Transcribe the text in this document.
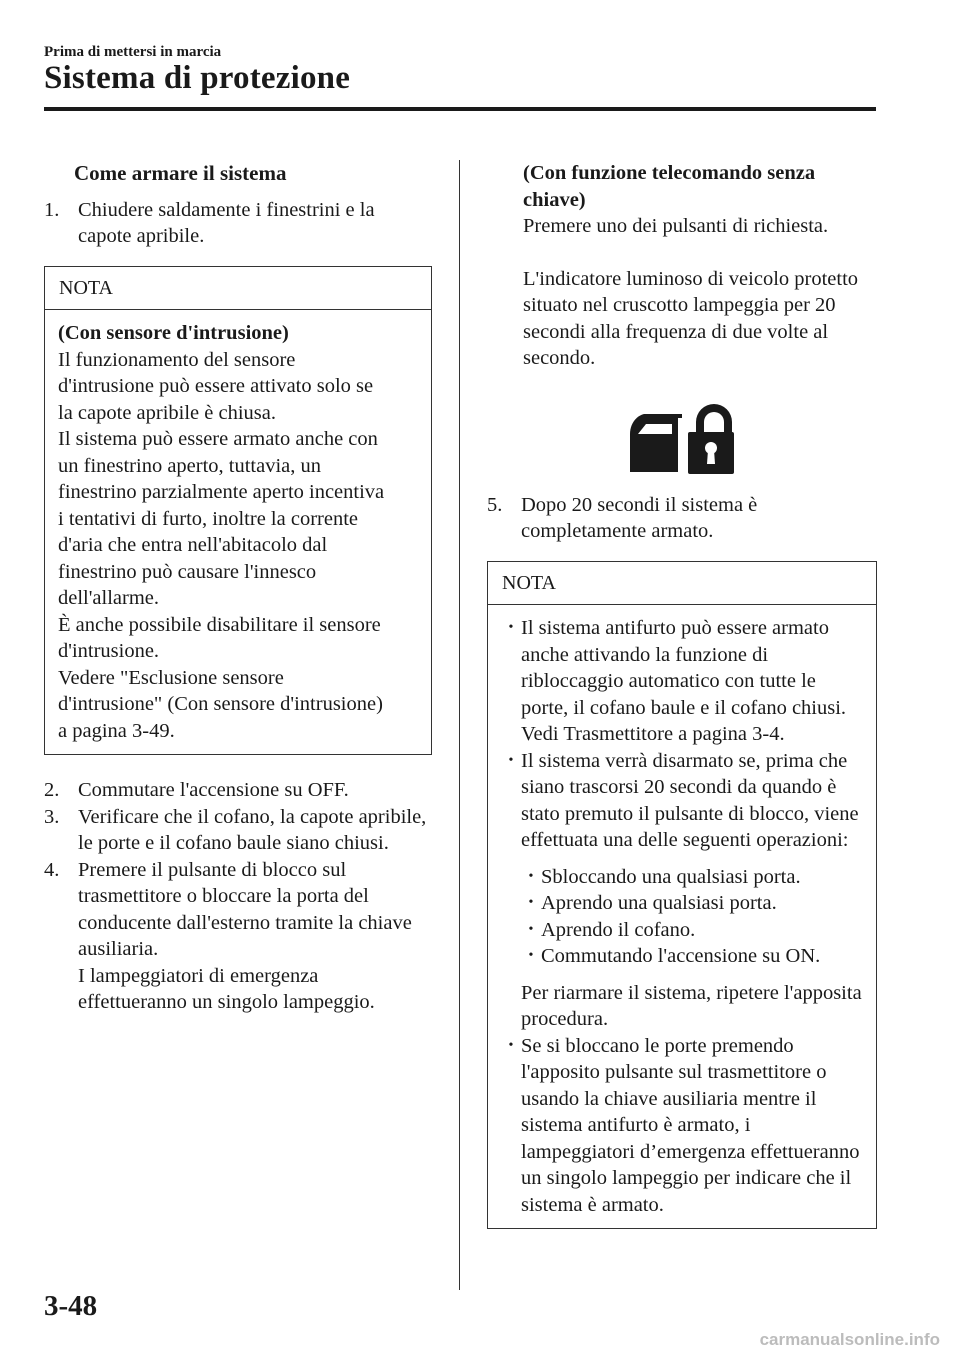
Prima di mettersi in marcia
Sistema di protezione
Come armare il sistema
1. Chiudere saldamente i finestrini e la capote apribile.
NOTA
(Con sensore d'intrusione)
Il funzionamento del sensore
d'intrusione può essere attivato solo se
la capote apribile è chiusa.
Il sistema può essere armato anche con
un finestrino aperto, tuttavia, un
finestrino parzialmente aperto incentiva
i tentativi di furto, inoltre la corrente
d'aria che entra nell'abitacolo dal
finestrino può causare l'innesco
dell'allarme.
È anche possibile disabilitare il sensore
d'intrusione.
Vedere "Esclusione sensore
d'intrusione" (Con sensore d'intrusione)
a pagina 3-49.
2. Commutare l'accensione su OFF.
3. Verificare che il cofano, la capote apribile, le porte e il cofano baule siano chiusi.
4. Premere il pulsante di blocco sul trasmettitore o bloccare la porta del conducente dall'esterno tramite la chiave ausiliaria.
I lampeggiatori di emergenza effettueranno un singolo lampeggio.
(Con funzione telecomando senza chiave)
Premere uno dei pulsanti di richiesta.
L'indicatore luminoso di veicolo protetto situato nel cruscotto lampeggia per 20 secondi alla frequenza di due volte al secondo.
5. Dopo 20 secondi il sistema è completamente armato.
NOTA
• Il sistema antifurto può essere armato anche attivando la funzione di ribloccaggio automatico con tutte le porte, il cofano baule e il cofano chiusi.
Vedi Trasmettitore a pagina 3-4.
• Il sistema verrà disarmato se, prima che siano trascorsi 20 secondi da quando è stato premuto il pulsante di blocco, viene effettuata una delle seguenti operazioni:
• Sbloccando una qualsiasi porta.
• Aprendo una qualsiasi porta.
• Aprendo il cofano.
• Commutando l'accensione su ON.
Per riarmare il sistema, ripetere l'apposita procedura.
• Se si bloccano le porte premendo l'apposito pulsante sul trasmettitore o usando la chiave ausiliaria mentre il sistema antifurto è armato, i lampeggiatori d’emergenza effettueranno un singolo lampeggio per indicare che il sistema è armato.
3-48
carmanualsonline.info
